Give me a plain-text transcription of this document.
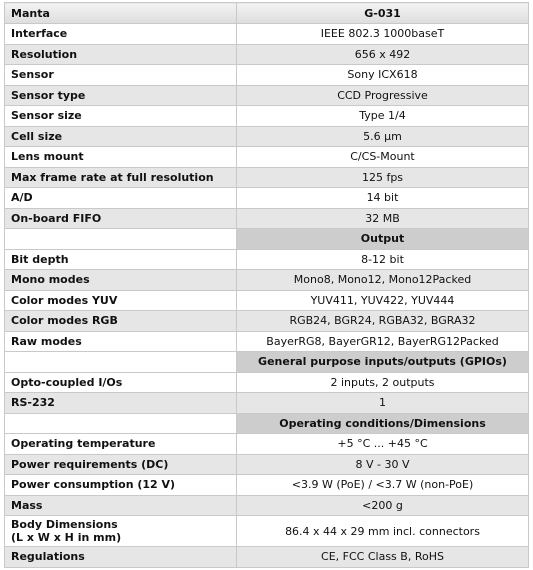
Manta	G-031
Interface	IEEE 802.3 1000baseT
Resolution	656 x 492
Sensor	Sony ICX618
Sensor type	CCD Progressive
Sensor size	Type 1/4
Cell size	5.6 µm
Lens mount	C/CS-Mount
Max frame rate at full resolution	125 fps
A/D	14 bit
On-board FIFO	32 MB
	Output
Bit depth	8-12 bit
Mono modes	Mono8, Mono12, Mono12Packed
Color modes YUV	YUV411, YUV422, YUV444
Color modes RGB	RGB24, BGR24, RGBA32, BGRA32
Raw modes	BayerRG8, BayerGR12, BayerRG12Packed
	General purpose inputs/outputs (GPIOs)
Opto-coupled I/Os	2 inputs, 2 outputs
RS-232	1
	Operating conditions/Dimensions
Operating temperature	+5 °C ... +45 °C
Power requirements (DC)	8 V - 30 V
Power consumption (12 V)	<3.9 W (PoE) / <3.7 W (non-PoE)
Mass	<200 g

Body Dimensions
(L x W x H in mm)	86.4 x 44 x 29 mm incl. connectors
Regulations	CE, FCC Class B, RoHS
